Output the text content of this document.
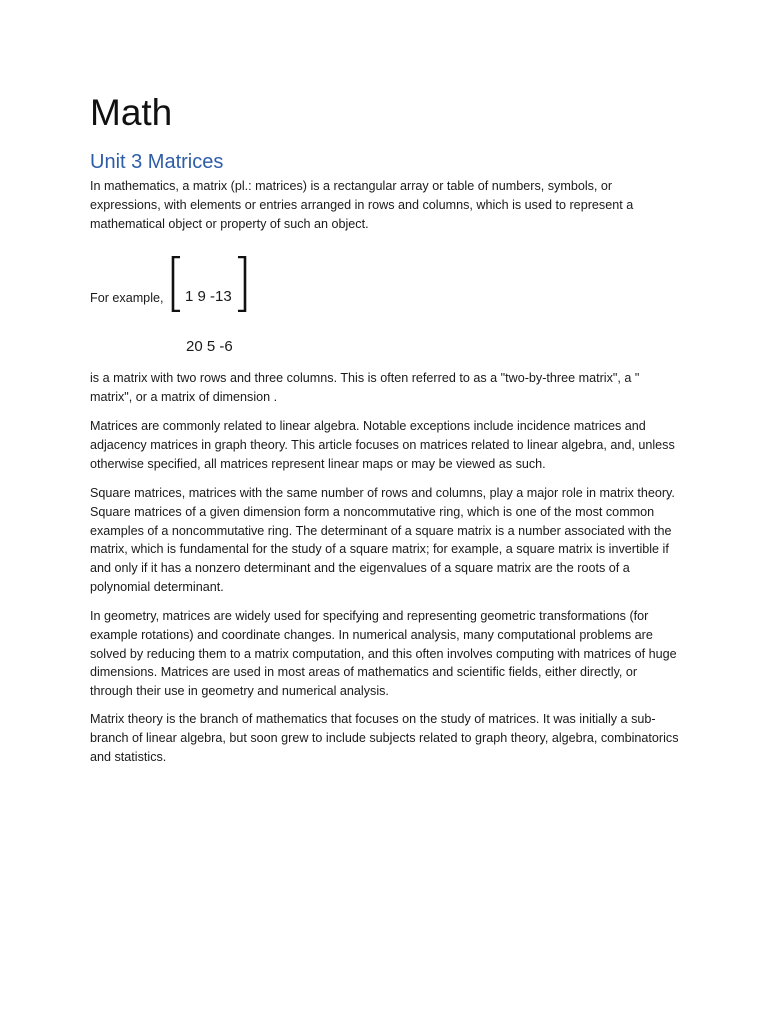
Math
Unit 3 Matrices

In mathematics, a matrix (pl.: matrices) is a rectangular array or table of numbers, symbols, or expressions, with elements or entries arranged in rows and columns, which is used to represent a mathematical object or property of such an object.

For example, 1 9 -13
20 5 -6

is a matrix with two rows and three columns. This is often referred to as a "two-by-three matrix", a " matrix", or a matrix of dimension .

Matrices are commonly related to linear algebra. Notable exceptions include incidence matrices and adjacency matrices in graph theory. This article focuses on matrices related to linear algebra, and, unless otherwise specified, all matrices represent linear maps or may be viewed as such.

Square matrices, matrices with the same number of rows and columns, play a major role in matrix theory. Square matrices of a given dimension form a noncommutative ring, which is one of the most common examples of a noncommutative ring. The determinant of a square matrix is a number associated with the matrix, which is fundamental for the study of a square matrix; for example, a square matrix is invertible if and only if it has a nonzero determinant and the eigenvalues of a square matrix are the roots of a polynomial determinant.

In geometry, matrices are widely used for specifying and representing geometric transformations (for example rotations) and coordinate changes. In numerical analysis, many computational problems are solved by reducing them to a matrix computation, and this often involves computing with matrices of huge dimensions. Matrices are used in most areas of mathematics and scientific fields, either directly, or through their use in geometry and numerical analysis.

Matrix theory is the branch of mathematics that focuses on the study of matrices. It was initially a sub-branch of linear algebra, but soon grew to include subjects related to graph theory, algebra, combinatorics and statistics.
